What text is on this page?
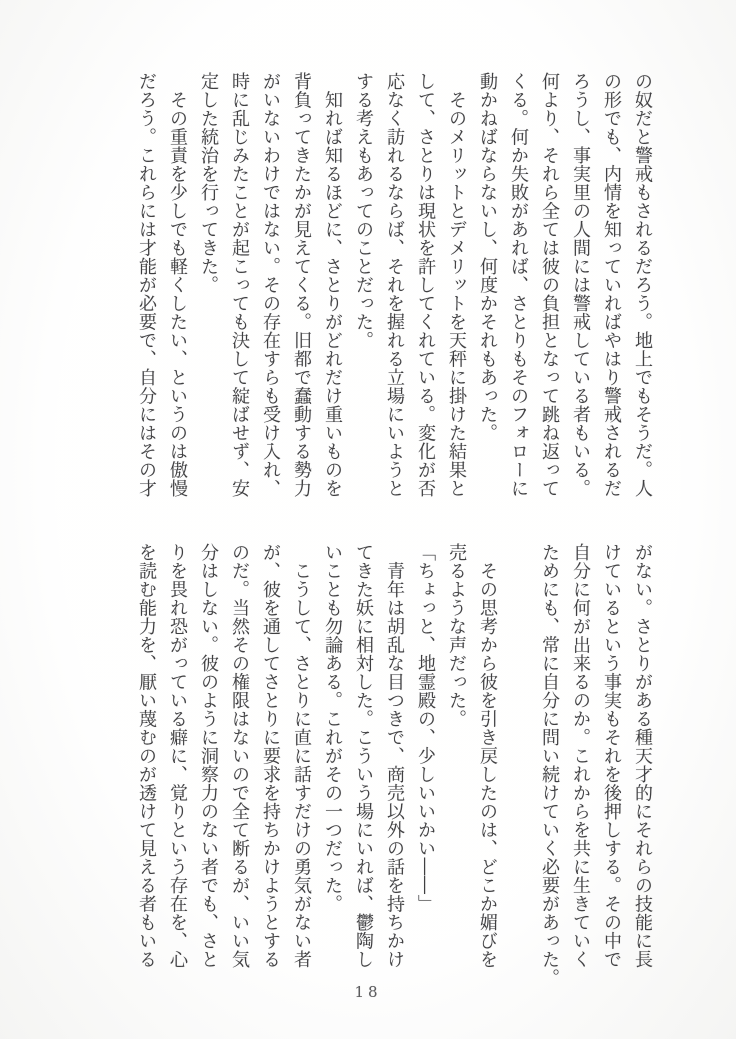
の奴だと警戒もされるだろう。地上でもそうだ。人
の形でも、内情を知っていればやはり警戒されるだ
ろうし、事実里の人間には警戒している者もいる。
何より、それら全ては彼の負担となって跳ね返って
くる。何か失敗があれば、さとりもそのフォローに
動かねばならないし、何度かそれもあった。
　そのメリットとデメリットを天秤に掛けた結果と
して、さとりは現状を許してくれている。変化が否
応なく訪れるならば、それを握れる立場にいようと
する考えもあってのことだった。
　知れば知るほどに、さとりがどれだけ重いものを
背負ってきたかが見えてくる。旧都で蠢動する勢力
がいないわけではない。その存在すらも受け入れ、
時に乱じみたことが起こっても決して綻ばせず、安
定した統治を行ってきた。
　その重責を少しでも軽くしたい、というのは傲慢
だろう。これらには才能が必要で、自分にはその才
がない。さとりがある種天才的にそれらの技能に長
けているという事実もそれを後押しする。その中で
自分に何が出来るのか。これからを共に生きていく
ためにも、常に自分に問い続けていく必要があった。
　その思考から彼を引き戻したのは、どこか媚びを
売るような声だった。
「ちょっと、地霊殿の、少しいいかい――」
　青年は胡乱な目つきで、商売以外の話を持ちかけ
てきた妖に相対した。こういう場にいれば、鬱陶し
いことも勿論ある。これがその一つだった。
　こうして、さとりに直に話すだけの勇気がない者
が、彼を通してさとりに要求を持ちかけようとする
のだ。当然その権限はないので全て断るが、いい気
分はしない。彼のように洞察力のない者でも、さと
りを畏れ恐がっている癖に、覚りという存在を、心
を読む能力を、厭い蔑むのが透けて見える者もいる
18
